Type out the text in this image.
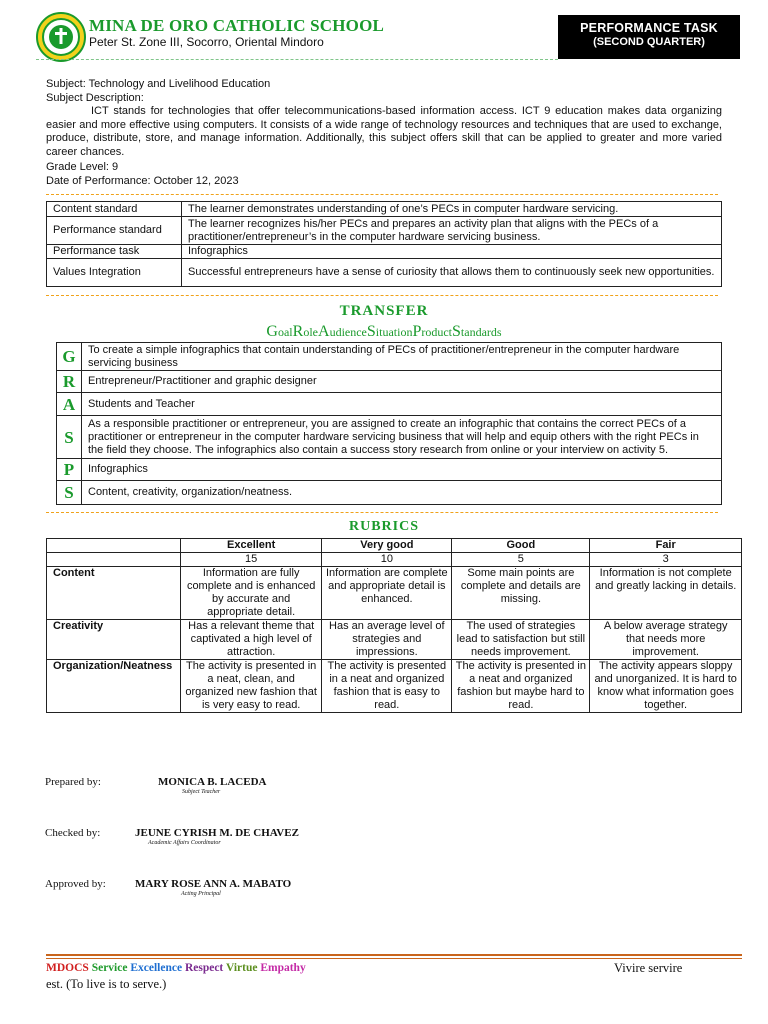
MINA DE ORO CATHOLIC SCHOOL
Peter St. Zone III, Socorro, Oriental Mindoro
PERFORMANCE TASK
(SECOND QUARTER)
Subject: Technology and Livelihood Education
Subject Description:
ICT stands for technologies that offer telecommunications-based information access. ICT 9 education makes data organizing easier and more effective using computers. It consists of a wide range of technology resources and techniques that are used to exchange, produce, distribute, store, and manage information. Additionally, this subject offers skill that can be applied to greater and more varied career chances.
Grade Level: 9
Date of Performance: October 12, 2023
Content standard	The learner demonstrates understanding of one’s PECs in computer hardware servicing.
Performance standard	The learner recognizes his/her PECs and prepares an activity plan that aligns with the PECs of a practitioner/entrepreneur’s in the computer hardware servicing business.
Performance task	Infographics
Values Integration	Successful entrepreneurs have a sense of curiosity that allows them to continuously seek new opportunities.
TRANSFER
GoalRoleAudienceSituationProductStandards
G	To create a simple infographics that contain understanding of PECs of practitioner/entrepreneur in the computer hardware servicing business
R	Entrepreneur/Practitioner and graphic designer
A	Students and Teacher
S	As a responsible practitioner or entrepreneur, you are assigned to create an infographic that contains the correct PECs of a practitioner or entrepreneur in the computer hardware servicing business that will help and equip others with the right PECs in the field they choose. The infographics also contain a success story research from online or your interview on activity 5.
P	Infographics
S	Content, creativity, organization/neatness.
RUBRICS
	Excellent	Very good	Good	Fair
	15	10	5	3
Content	Information are fully complete and is enhanced by accurate and appropriate detail.	Information are complete and appropriate detail is enhanced.	Some main points are complete and details are missing.	Information is not complete and greatly lacking in details.
Creativity	Has a relevant theme that captivated a high level of attraction.	Has an average level of strategies and impressions.	The used of strategies lead to satisfaction but still needs improvement.	A below average strategy that needs more improvement.
Organization/Neatness	The activity is presented in a neat, clean, and organized new fashion that is very easy to read.	The activity is presented in a neat and organized fashion that is easy to read.	The activity is presented in a neat and organized fashion but maybe hard to read.	The activity appears sloppy and unorganized. It is hard to know what information goes together.
Prepared by:	MONICA B. LACEDA
Subject Teacher
Checked by:	JEUNE CYRISH M. DE CHAVEZ
Academic Affairs Coordinator
Approved by:	MARY ROSE ANN A. MABATO
Acting Principal
MDOCS Service Excellence Respect Virtue Empathy	Vivire servire
est. (To live is to serve.)
